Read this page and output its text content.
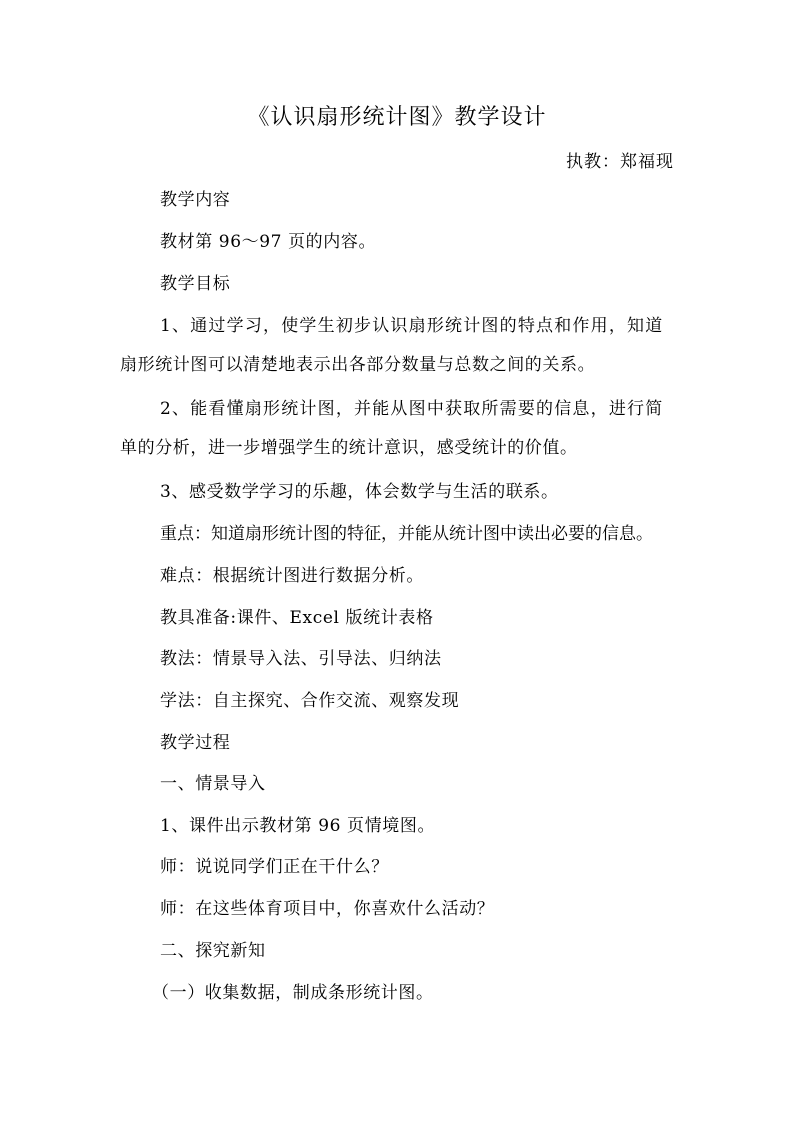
《认识扇形统计图》教学设计
执教：郑福现
教学内容
教材第 96～97 页的内容。
教学目标
1、通过学习，使学生初步认识扇形统计图的特点和作用，知道
扇形统计图可以清楚地表示出各部分数量与总数之间的关系。
2、能看懂扇形统计图，并能从图中获取所需要的信息，进行简
单的分析，进一步增强学生的统计意识，感受统计的价值。
3、感受数学学习的乐趣，体会数学与生活的联系。
重点：知道扇形统计图的特征，并能从统计图中读出必要的信息。
难点：根据统计图进行数据分析。
教具准备:课件、Excel 版统计表格
教法：情景导入法、引导法、归纳法
学法：自主探究、合作交流、观察发现
教学过程
一、情景导入
1、课件出示教材第 96 页情境图。
师：说说同学们正在干什么？
师：在这些体育项目中，你喜欢什么活动？
二、探究新知
（一）收集数据，制成条形统计图。
